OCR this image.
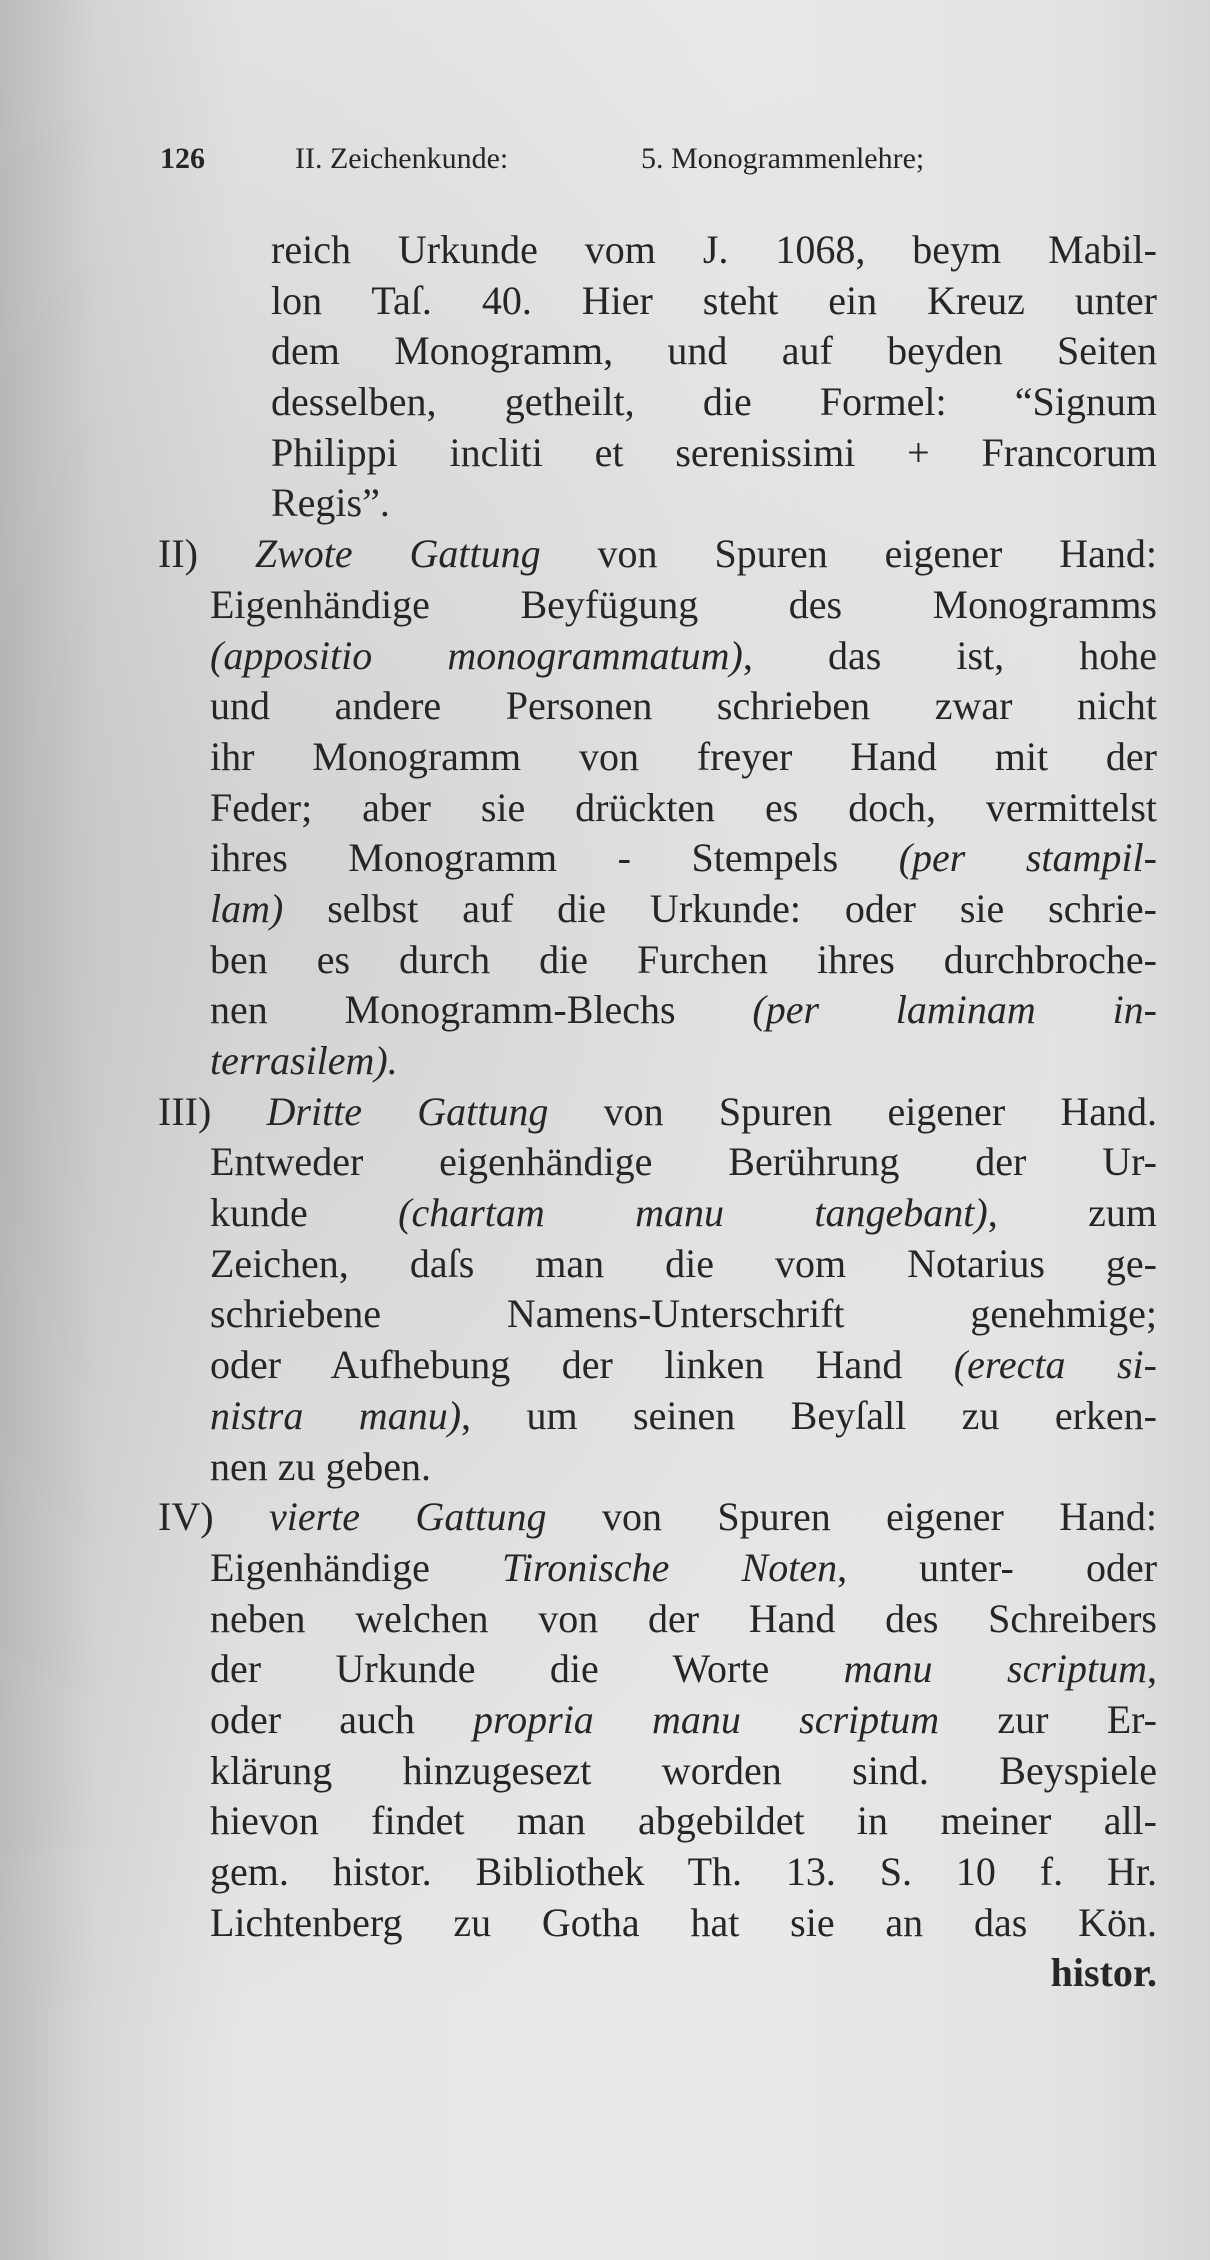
126	II. Zeichenkunde:	5. Monogrammenlehre;
reich Urkunde vom J. 1068, beym Mabil-
lon Taſ. 40. Hier steht ein Kreuz unter
dem Monogramm, und auf beyden Seiten
desselben, getheilt, die Formel: “Signum
Philippi incliti et serenissimi + Francorum
Regis”.
II) Zwote Gattung von Spuren eigener Hand:
Eigenhändige Beyfügung des Monogramms
(appositio monogrammatum), das ist, hohe
und andere Personen schrieben zwar nicht
ihr Monogramm von freyer Hand mit der
Feder; aber sie drückten es doch, vermittelst
ihres Monogramm - Stempels (per stampil-
lam) selbst auf die Urkunde: oder sie schrie-
ben es durch die Furchen ihres durchbroche-
nen Monogramm-Blechs (per laminam in-
terrasilem).
III) Dritte Gattung von Spuren eigener Hand.
Entweder eigenhändige Berührung der Ur-
kunde (chartam manu tangebant), zum
Zeichen, daſs man die vom Notarius ge-
schriebene Namens-Unterschrift genehmige;
oder Aufhebung der linken Hand (erecta si-
nistra manu), um seinen Beyſall zu erken-
nen zu geben.
IV) vierte Gattung von Spuren eigener Hand:
Eigenhändige Tironische Noten, unter- oder
neben welchen von der Hand des Schreibers
der Urkunde die Worte manu scriptum,
oder auch propria manu scriptum zur Er-
klärung hinzugesezt worden sind. Beyspiele
hievon findet man abgebildet in meiner all-
gem. histor. Bibliothek Th. 13. S. 10 f. Hr.
Lichtenberg zu Gotha hat sie an das Kön.
histor.
